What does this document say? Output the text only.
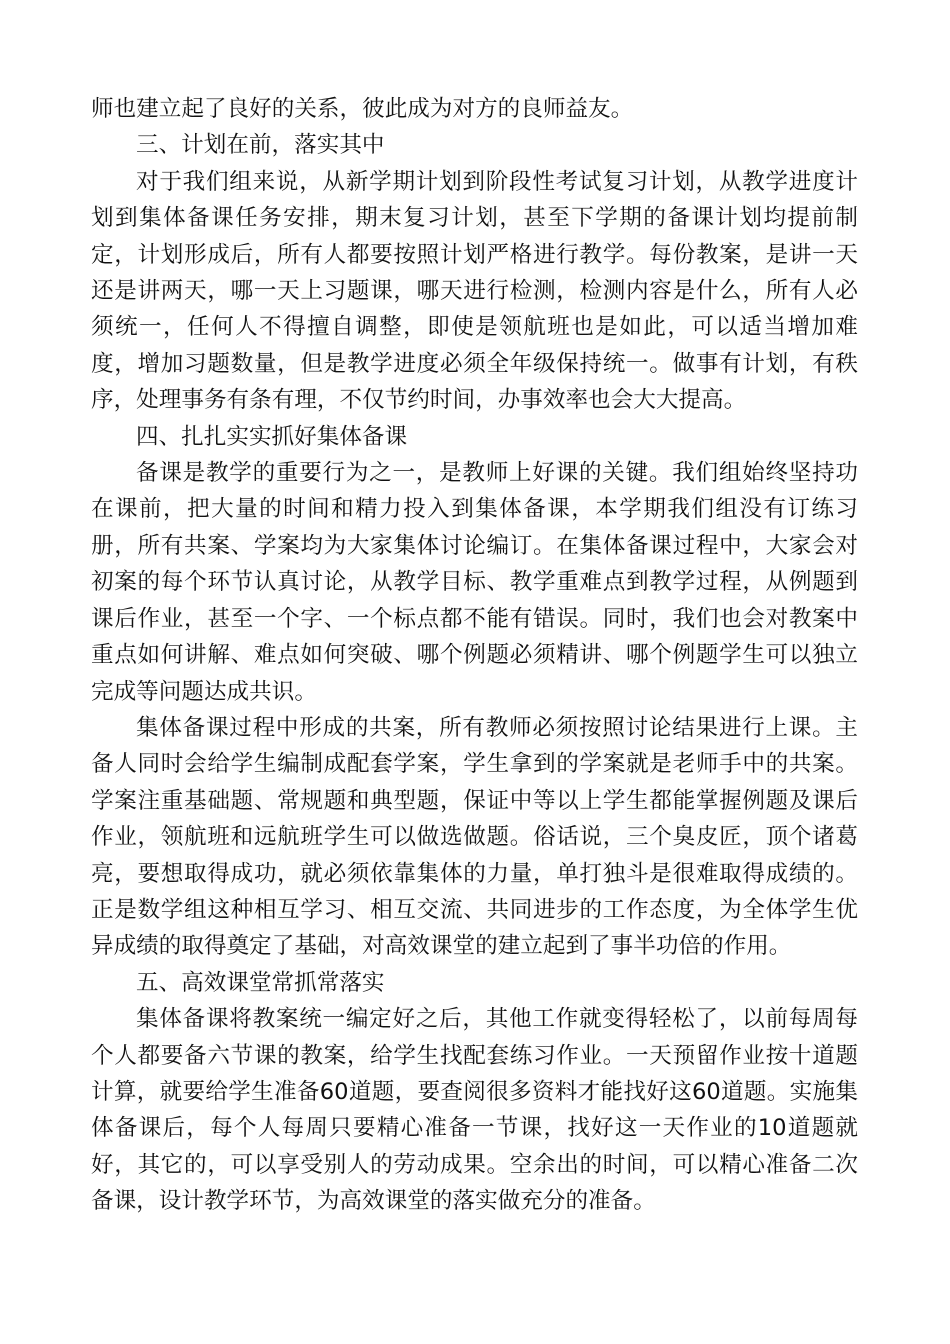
师也建立起了良好的关系，彼此成为对方的良师益友。

三、计划在前，落实其中

对于我们组来说，从新学期计划到阶段性考试复习计划，从教学进度计划到集体备课任务安排，期末复习计划，甚至下学期的备课计划均提前制定，计划形成后，所有人都要按照计划严格进行教学。每份教案，是讲一天还是讲两天，哪一天上习题课，哪天进行检测，检测内容是什么，所有人必须统一，任何人不得擅自调整，即使是领航班也是如此，可以适当增加难度，增加习题数量，但是教学进度必须全年级保持统一。做事有计划，有秩序，处理事务有条有理，不仅节约时间，办事效率也会大大提高。

四、扎扎实实抓好集体备课

备课是教学的重要行为之一，是教师上好课的关键。我们组始终坚持功在课前，把大量的时间和精力投入到集体备课，本学期我们组没有订练习册，所有共案、学案均为大家集体讨论编订。在集体备课过程中，大家会对初案的每个环节认真讨论，从教学目标、教学重难点到教学过程，从例题到课后作业，甚至一个字、一个标点都不能有错误。同时，我们也会对教案中重点如何讲解、难点如何突破、哪个例题必须精讲、哪个例题学生可以独立完成等问题达成共识。

集体备课过程中形成的共案，所有教师必须按照讨论结果进行上课。主备人同时会给学生编制成配套学案，学生拿到的学案就是老师手中的共案。学案注重基础题、常规题和典型题，保证中等以上学生都能掌握例题及课后作业，领航班和远航班学生可以做选做题。俗话说，三个臭皮匠，顶个诸葛亮，要想取得成功，就必须依靠集体的力量，单打独斗是很难取得成绩的。正是数学组这种相互学习、相互交流、共同进步的工作态度，为全体学生优异成绩的取得奠定了基础，对高效课堂的建立起到了事半功倍的作用。

五、高效课堂常抓常落实

集体备课将教案统一编定好之后，其他工作就变得轻松了，以前每周每个人都要备六节课的教案，给学生找配套练习作业。一天预留作业按十道题计算，就要给学生准备60道题，要查阅很多资料才能找好这60道题。实施集体备课后，每个人每周只要精心准备一节课，找好这一天作业的10道题就好，其它的，可以享受别人的劳动成果。空余出的时间，可以精心准备二次备课，设计教学环节，为高效课堂的落实做充分的准备。
